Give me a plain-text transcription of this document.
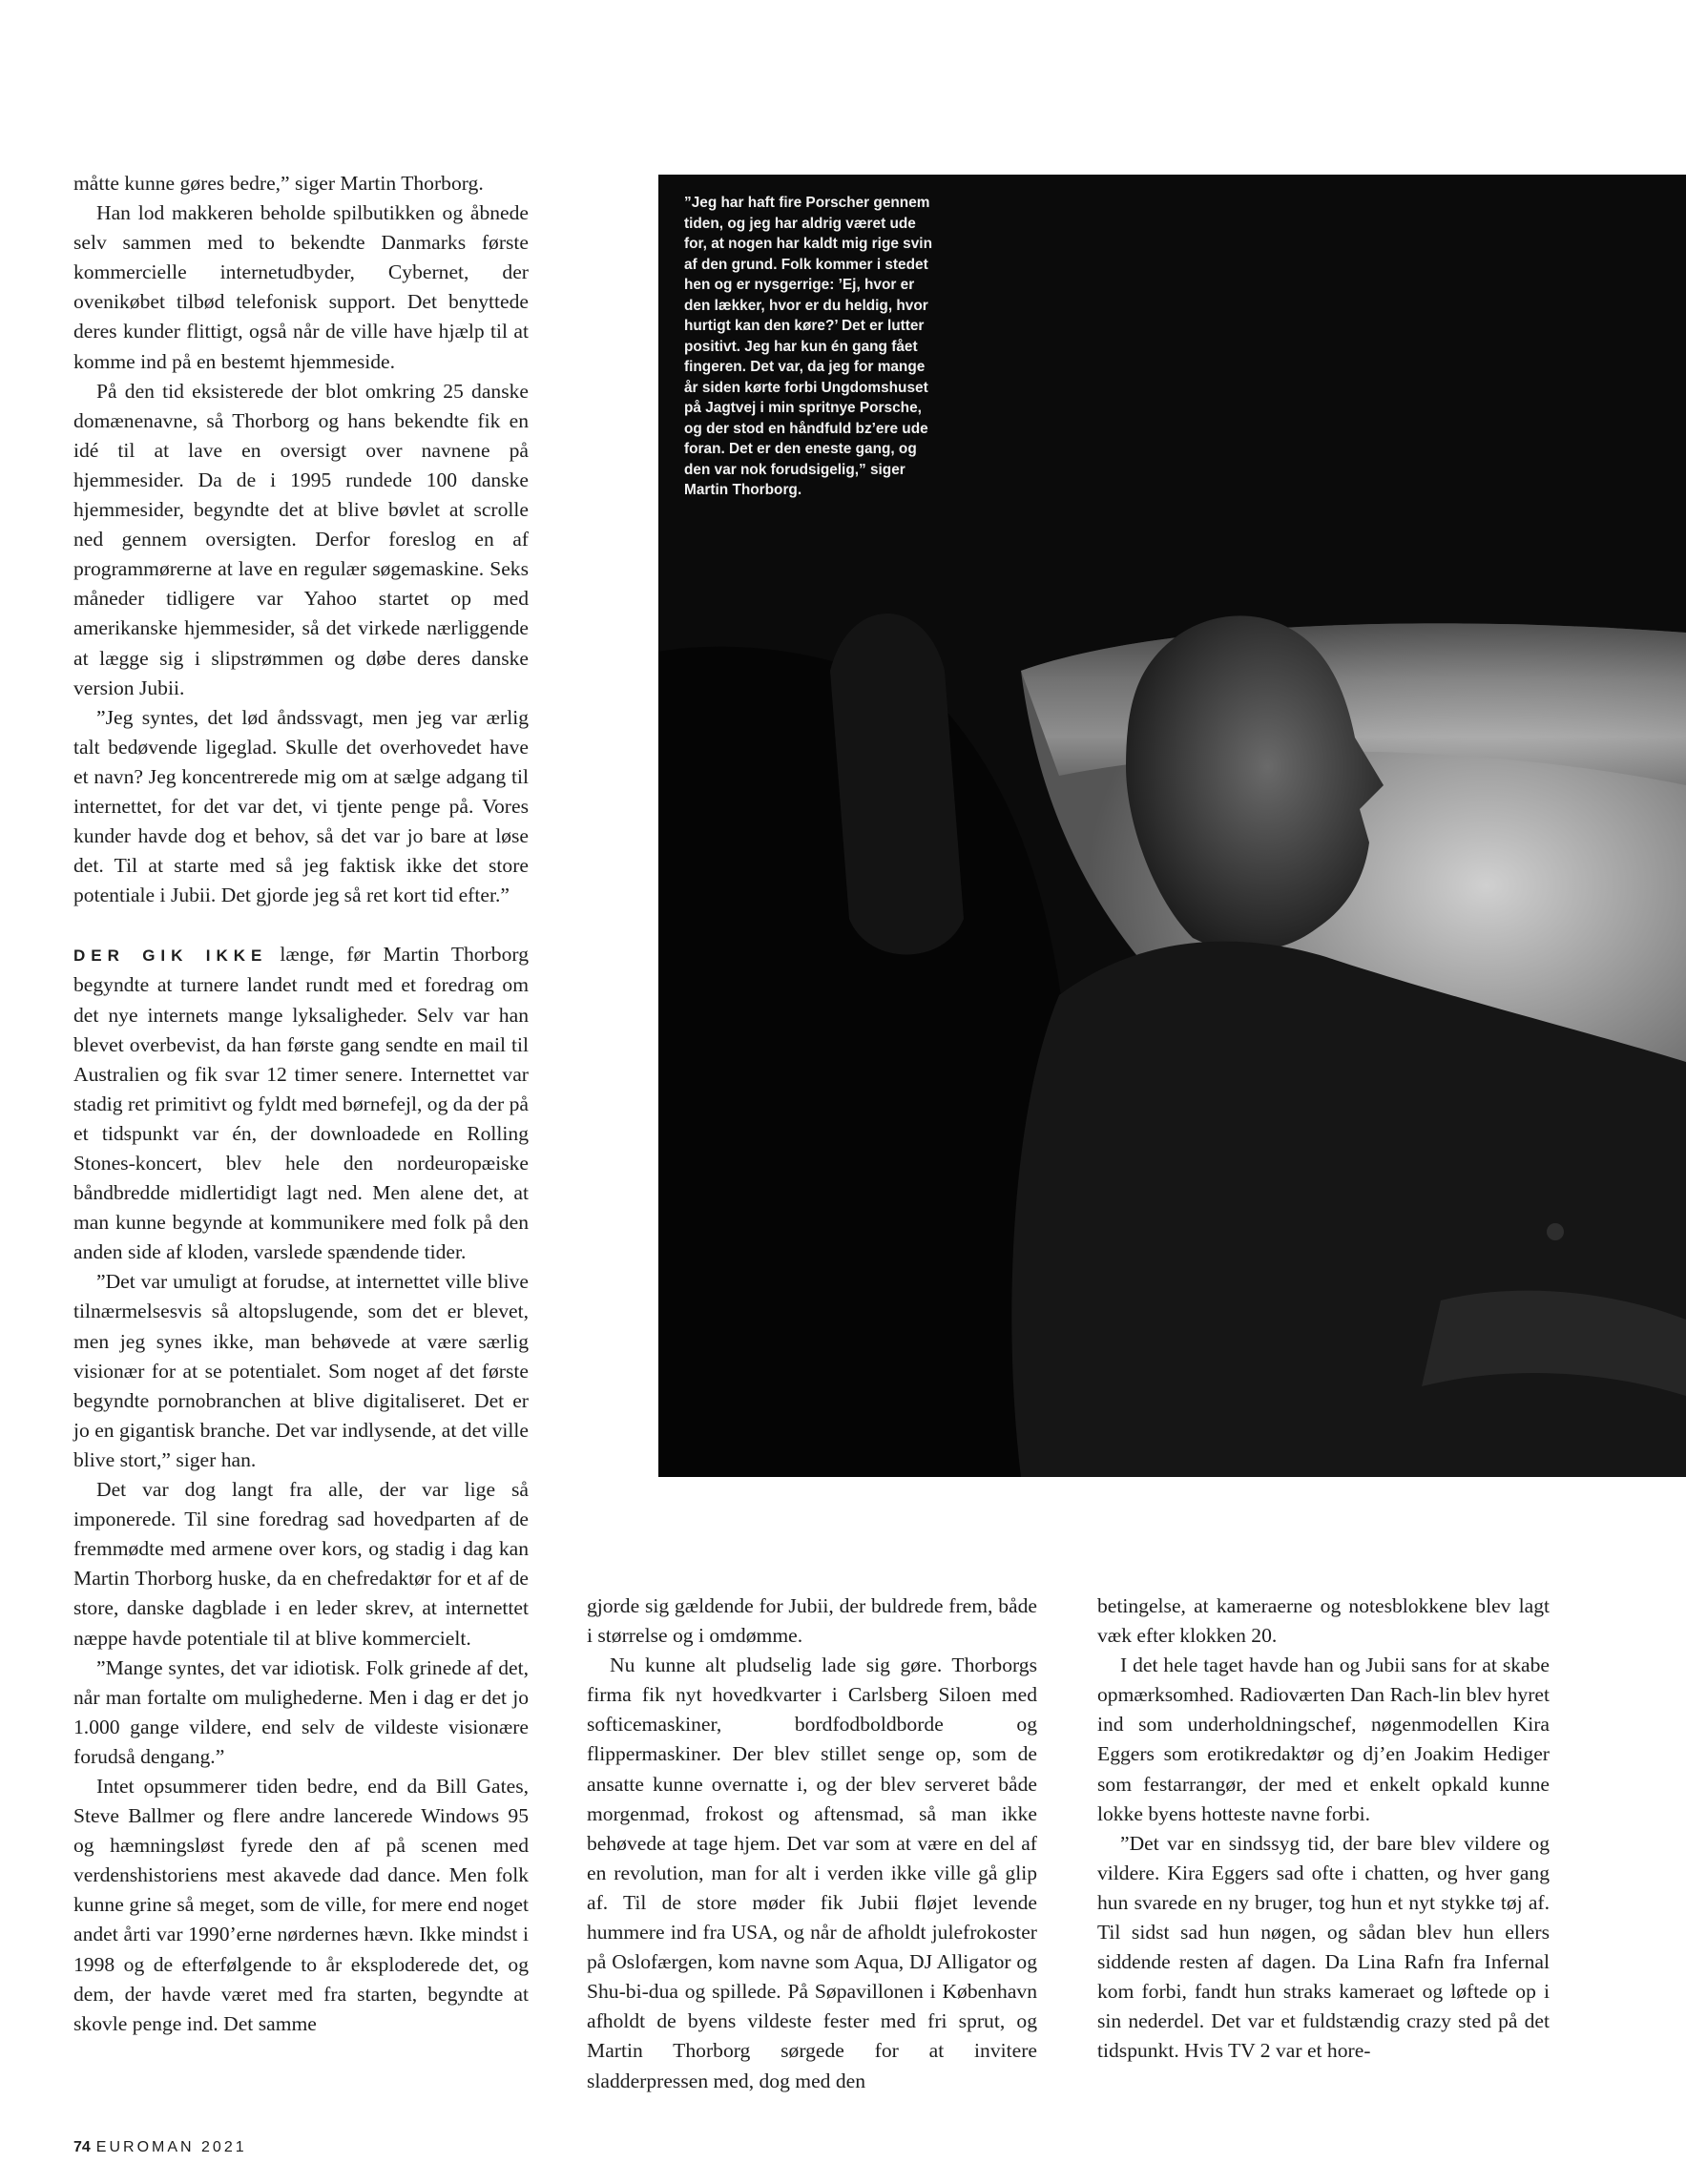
måtte kunne gøres bedre,” siger Martin Thorborg.

Han lod makkeren beholde spilbutikken og åbnede selv sammen med to bekendte Danmarks første kommercielle internetudbyder, Cybernet, der ovenikøbet tilbød telefonisk support. Det benyttede deres kunder flittigt, også når de ville have hjælp til at komme ind på en bestemt hjemmeside.

På den tid eksisterede der blot omkring 25 danske domænenavne, så Thorborg og hans bekendte fik en idé til at lave en oversigt over navnene på hjemmesider. Da de i 1995 rundede 100 danske hjemmesider, begyndte det at blive bøvlet at scrolle ned gennem oversigten. Derfor foreslog en af programmørerne at lave en regulær søgemaskine. Seks måneder tidligere var Yahoo startet op med amerikanske hjemmesider, så det virkede nærliggende at lægge sig i slipstrømmen og døbe deres danske version Jubii.

”Jeg syntes, det lød åndssvagt, men jeg var ærlig talt bedøvende ligeglad. Skulle det overhovedet have et navn? Jeg koncentrerede mig om at sælge adgang til internettet, for det var det, vi tjente penge på. Vores kunder havde dog et behov, så det var jo bare at løse det. Til at starte med så jeg faktisk ikke det store potentiale i Jubii. Det gjorde jeg så ret kort tid efter.”

DER GIK IKKE længe, før Martin Thorborg begyndte at turnere landet rundt med et foredrag om det nye internets mange lyksaligheder. Selv var han blevet overbevist, da han første gang sendte en mail til Australien og fik svar 12 timer senere. Internettet var stadig ret primitivt og fyldt med børnefejl, og da der på et tidspunkt var én, der downloadede en Rolling Stones-koncert, blev hele den nordeuropæiske båndbredde midlertidigt lagt ned. Men alene det, at man kunne begynde at kommunikere med folk på den anden side af kloden, varslede spændende tider.

”Det var umuligt at forudse, at internettet ville blive tilnærmelsesvis så altopslugende, som det er blevet, men jeg synes ikke, man behøvede at være særlig visionær for at se potentialet. Som noget af det første begyndte pornobranchen at blive digitaliseret. Det er jo en gigantisk branche. Det var indlysende, at det ville blive stort,” siger han.

Det var dog langt fra alle, der var lige så imponerede. Til sine foredrag sad hovedparten af de fremmødte med armene over kors, og stadig i dag kan Martin Thorborg huske, da en chefredaktør for et af de store, danske dagblade i en leder skrev, at internettet næppe havde potentiale til at blive kommercielt.

”Mange syntes, det var idiotisk. Folk grinede af det, når man fortalte om mulighederne. Men i dag er det jo 1.000 gange vildere, end selv de vildeste visionære forudså dengang.”

Intet opsummerer tiden bedre, end da Bill Gates, Steve Ballmer og flere andre lancerede Windows 95 og hæmningsløst fyrede den af på scenen med verdenshistoriens mest akavede dad dance. Men folk kunne grine så meget, som de ville, for mere end noget andet årti var 1990’erne nørdernes hævn. Ikke mindst i 1998 og de efterfølgende to år eksploderede det, og dem, der havde været med fra starten, begyndte at skovle penge ind. Det samme

”Jeg har haft fire Porscher gennem tiden, og jeg har aldrig været ude for, at nogen har kaldt mig rige svin af den grund. Folk kommer i stedet hen og er nysgerrige: ’Ej, hvor er den lækker, hvor er du heldig, hvor hurtigt kan den køre?’ Det er lutter positivt. Jeg har kun én gang fået fingeren. Det var, da jeg for mange år siden kørte forbi Ungdomshuset på Jagtvej i min spritnye Porsche, og der stod en håndfuld bz’ere ude foran. Det er den eneste gang, og den var nok forudsigelig,” siger Martin Thorborg.

gjorde sig gældende for Jubii, der buldrede frem, både i størrelse og i omdømme.

Nu kunne alt pludselig lade sig gøre. Thorborgs firma fik nyt hovedkvarter i Carlsberg Siloen med softicemaskiner, bordfodboldborde og flippermaskiner. Der blev stillet senge op, som de ansatte kunne overnatte i, og der blev serveret både morgenmad, frokost og aftensmad, så man ikke behøvede at tage hjem. Det var som at være en del af en revolution, man for alt i verden ikke ville gå glip af. Til de store møder fik Jubii fløjet levende hummere ind fra USA, og når de afholdt julefrokoster på Oslofærgen, kom navne som Aqua, DJ Alligator og Shu-bi-dua og spillede. På Søpavillonen i København afholdt de byens vildeste fester med fri sprut, og Martin Thorborg sørgede for at invitere sladderpressen med, dog med den

betingelse, at kameraerne og notesblokkene blev lagt væk efter klokken 20.

I det hele taget havde han og Jubii sans for at skabe opmærksomhed. Radioværten Dan Rach-lin blev hyret ind som underholdningschef, nøgenmodellen Kira Eggers som erotikredaktør og dj’en Joakim Hediger som festarrangør, der med et enkelt opkald kunne lokke byens hotteste navne forbi.

”Det var en sindssyg tid, der bare blev vildere og vildere. Kira Eggers sad ofte i chatten, og hver gang hun svarede en ny bruger, tog hun et nyt stykke tøj af. Til sidst sad hun nøgen, og sådan blev hun ellers siddende resten af dagen. Da Lina Rafn fra Infernal kom forbi, fandt hun straks kameraet og løftede op i sin nederdel. Det var et fuldstændig crazy sted på det tidspunkt. Hvis TV 2 var et hore-

74 EUROMAN 2021
